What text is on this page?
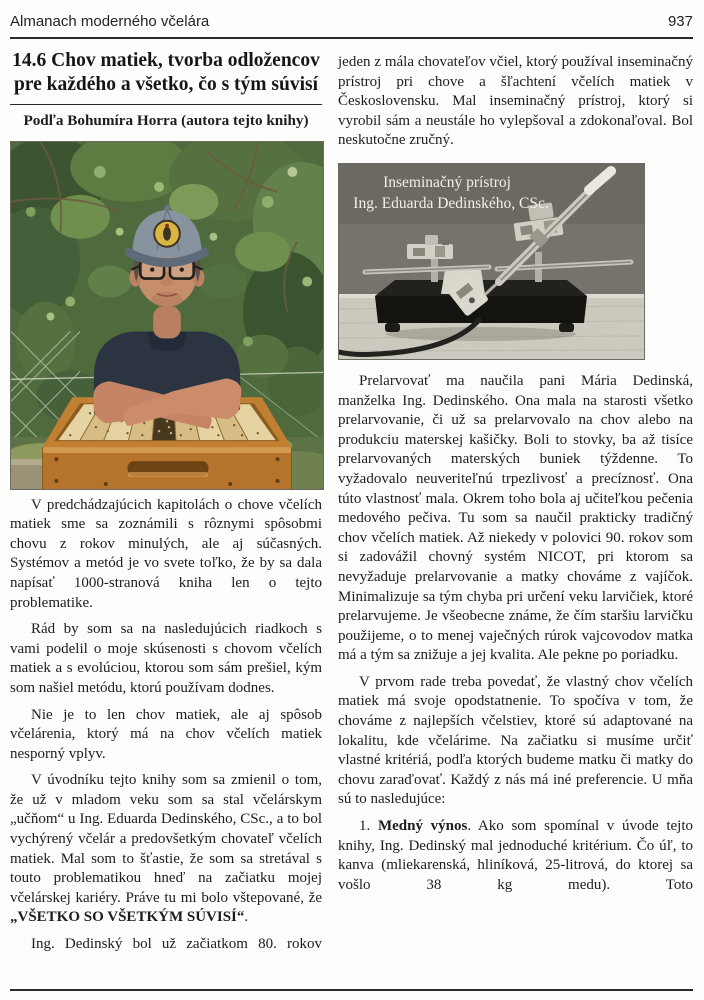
Almanach moderného včelára	937
14.6 Chov matiek, tvorba odložencov
pre každého a všetko, čo s tým súvisí
Podľa Bohumíra Horra (autora tejto knihy)

V predchádzajúcich kapitolách o chove včelích matiek sme sa zoznámili s rôznymi spôsobmi chovu z rokov minulých, ale aj súčasných. Systémov a metód je vo svete toľko, že by sa dala napísať 1000-stranová kniha len o tejto problematike.

Rád by som sa na nasledujúcich riadkoch s vami podelil o moje skúsenosti s chovom včelích matiek a s evolúciou, ktorou som sám prešiel, kým som našiel metódu, ktorú používam dodnes.

Nie je to len chov matiek, ale aj spôsob včelárenia, ktorý má na chov včelích matiek nesporný vplyv.

V úvodníku tejto knihy som sa zmienil o tom, že už v mladom veku som sa stal včelárskym „učňom“ u Ing. Eduarda Dedinského, CSc., a to bol vychýrený včelár a predovšetkým chovateľ včelích matiek. Mal som to šťastie, že som sa stretával s touto problematikou hneď na začiatku mojej včelárskej kariéry. Práve tu mi bolo vštepované, že „VŠETKO SO VŠETKÝM SÚVISÍ“.

Ing. Dedinský bol už začiatkom 80. rokov

jeden z mála chovateľov včiel, ktorý používal inseminačný prístroj pri chove a šľachtení včelích matiek v Československu. Mal inseminačný prístroj, ktorý si vyrobil sám a neustále ho vylepšoval a zdokonaľoval. Bol neskutočne zručný.

Inseminačný prístroj
Ing. Eduarda Dedinského, CSc.

Prelarvovať ma naučila pani Mária Dedinská, manželka Ing. Dedinského. Ona mala na starosti všetko prelarvovanie, či už sa prelarvovalo na chov alebo na produkciu materskej kašičky. Boli to stovky, ba až tisíce prelarvovaných materských buniek týždenne. To vyžadovalo neuveriteľnú trpezlivosť a precíznosť. Ona túto vlastnosť mala. Okrem toho bola aj učiteľkou pečenia medového pečiva. Tu som sa naučil prakticky tradičný chov včelích matiek. Až niekedy v polovici 90. rokov som si zadovážil chovný systém NICOT, pri ktorom sa nevyžaduje prelarvovanie a matky chováme z vajíčok. Minimalizuje sa tým chyba pri určení veku larvičiek, ktoré prelarvujeme. Je všeobecne známe, že čím staršiu larvičku použijeme, o to menej vaječných rúrok vajcovodov matka má a tým sa znižuje a jej kvalita. Ale pekne po poriadku.

V prvom rade treba povedať, že vlastný chov včelích matiek má svoje opodstatnenie. To spočíva v tom, že chováme z najlepších včelstiev, ktoré sú adaptované na lokalitu, kde včelárime. Na začiatku si musíme určiť vlastné kritériá, podľa ktorých budeme matku či matky do chovu zaraďovať. Každý z nás má iné preferencie. U mňa sú to nasledujúce:

1. Medný výnos. Ako som spomínal v úvode tejto knihy, Ing. Dedinský mal jednoduché kritérium. Čo úľ, to kanva (mliekarenská, hliníková, 25-litrová, do ktorej sa vošlo 38 kg medu). Toto
